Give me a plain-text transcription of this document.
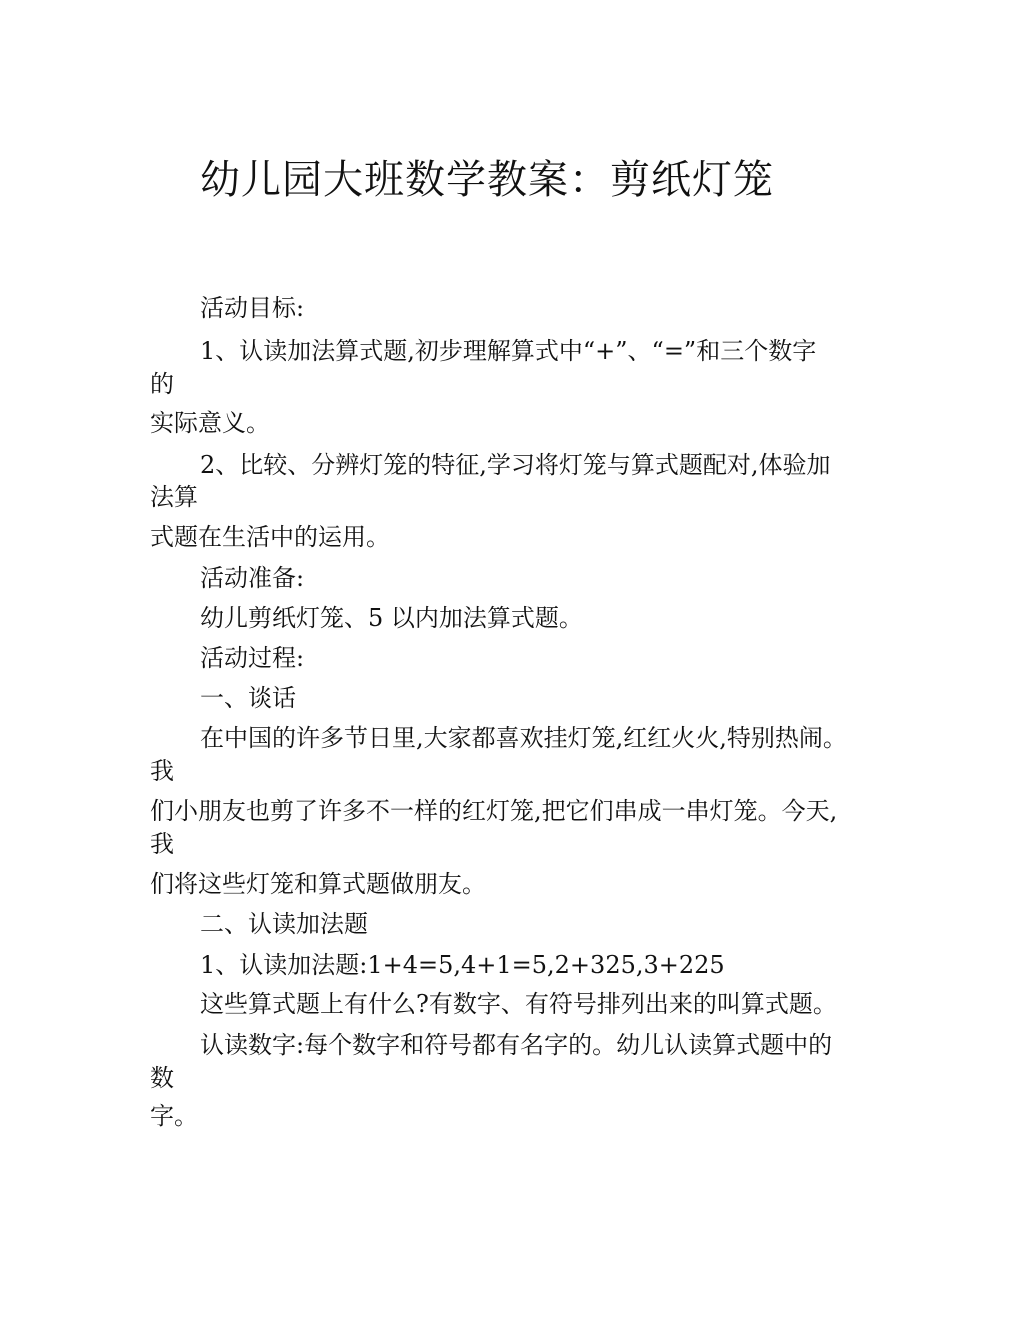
幼儿园大班数学教案：剪纸灯笼

活动目标:

1、认读加法算式题,初步理解算式中“+”、“=”和三个数字

的

实际意义。

2、比较、分辨灯笼的特征,学习将灯笼与算式题配对,体验加

法算

式题在生活中的运用。

活动准备:

幼儿剪纸灯笼、5 以内加法算式题。

活动过程:

一、谈话

在中国的许多节日里,大家都喜欢挂灯笼,红红火火,特别热闹。

我

们小朋友也剪了许多不一样的红灯笼,把它们串成一串灯笼。今天,

我

们将这些灯笼和算式题做朋友。

二、认读加法题

1、认读加法题:1+4=5,4+1=5,2+325,3+225

这些算式题上有什么?有数字、有符号排列出来的叫算式题。

认读数字:每个数字和符号都有名字的。幼儿认读算式题中的

数

字。
